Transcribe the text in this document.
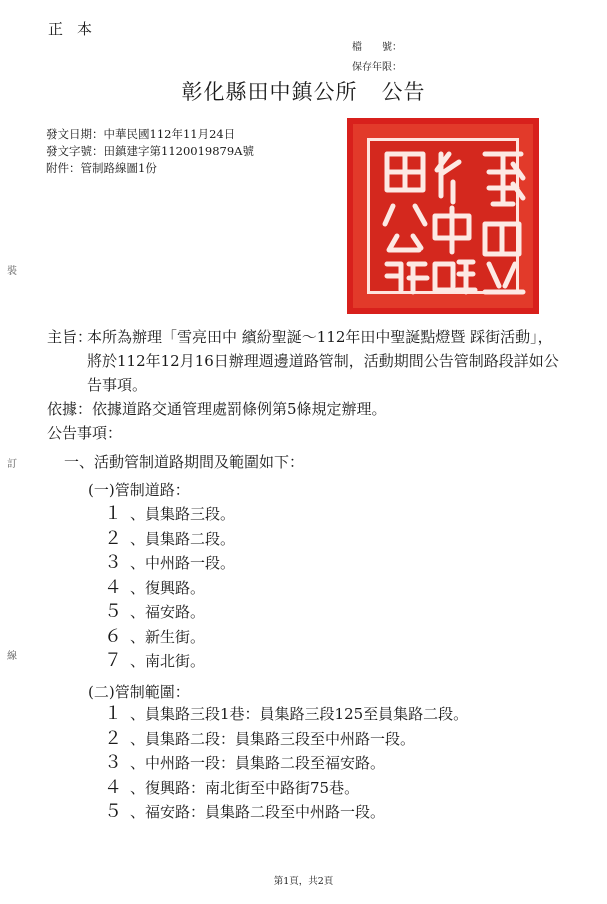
正本
檔　　號：
保存年限：
彰化縣田中鎮公所 公告
發文日期：中華民國112年11月24日
發文字號：田鎮建字第1120019879A號
附件：管制路線圖1份
裝
訂
線
主旨：
本所為辦理「雪亮田中 繽紛聖誕～112年田中聖誕點燈暨 踩街活動」，將於112年12月16日辦理週邊道路管制，活動期間公告管制路段詳如公告事項。
依據：依據道路交通管理處罰條例第5條規定辦理。
公告事項：
一、活動管制道路期間及範圍如下：
(一)管制道路：
１ 、員集路三段。
２ 、員集路二段。
３ 、中州路一段。
４ 、復興路。
５ 、福安路。
６ 、新生街。
７ 、南北街。
(二)管制範圍：
１ 、員集路三段1巷：員集路三段125至員集路二段。
２ 、員集路二段：員集路三段至中州路一段。
３ 、中州路一段：員集路二段至福安路。
４ 、復興路：南北街至中路街75巷。
５ 、福安路：員集路二段至中州路一段。
第1頁，共2頁
